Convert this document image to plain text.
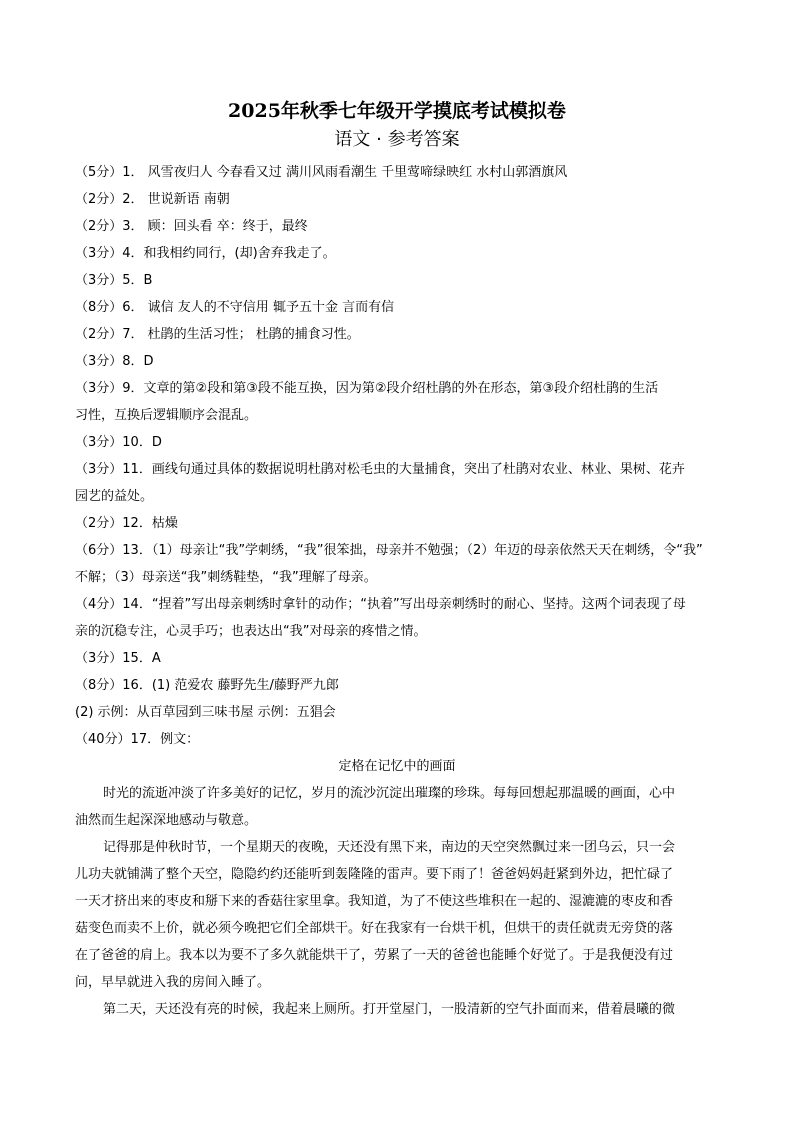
2025年秋季七年级开学摸底考试模拟卷
语文 · 参考答案
（5分）1． 风雪夜归人 今春看又过 满川风雨看潮生 千里莺啼绿映红 水村山郭酒旗风
（2分）2． 世说新语 南朝
（2分）3． 顾：回头看 卒：终于，最终
（3分）4．和我相约同行，(却)舍弃我走了。
（3分）5．B
（8分）6． 诚信 友人的不守信用 辄予五十金 言而有信
（2分）7． 杜鹃的生活习性； 杜鹃的捕食习性。
（3分）8．D
（3分）9．文章的第②段和第③段不能互换，因为第②段介绍杜鹃的外在形态，第③段介绍杜鹃的生活
习性，互换后逻辑顺序会混乱。
（3分）10．D
（3分）11．画线句通过具体的数据说明杜鹃对松毛虫的大量捕食，突出了杜鹃对农业、林业、果树、花卉
园艺的益处。
（2分）12．枯燥
（6分）13．（1）母亲让“我”学刺绣，“我”很笨拙，母亲并不勉强；（2）年迈的母亲依然天天在刺绣，令“我”
不解；（3）母亲送“我”刺绣鞋垫，“我”理解了母亲。
（4分）14．“捏着”写出母亲刺绣时拿针的动作；“执着”写出母亲刺绣时的耐心、坚持。这两个词表现了母
亲的沉稳专注，心灵手巧；也表达出“我”对母亲的疼惜之情。
（3分）15．A
（8分）16．(1) 范爱农 藤野先生/藤野严九郎
(2) 示例：从百草园到三味书屋 示例：五猖会
（40分）17．例文：
定格在记忆中的画面
时光的流逝冲淡了许多美好的记忆，岁月的流沙沉淀出璀璨的珍珠。每每回想起那温暖的画面，心中
油然而生起深深地感动与敬意。
记得那是仲秋时节，一个星期天的夜晚，天还没有黑下来，南边的天空突然飘过来一团乌云，只一会
儿功夫就铺满了整个天空，隐隐约约还能听到轰隆隆的雷声。要下雨了！爸爸妈妈赶紧到外边，把忙碌了
一天才挤出来的枣皮和掰下来的香菇往家里拿。我知道，为了不使这些堆积在一起的、湿漉漉的枣皮和香
菇变色而卖不上价，就必须今晚把它们全部烘干。好在我家有一台烘干机，但烘干的责任就责无旁贷的落
在了爸爸的肩上。我本以为要不了多久就能烘干了，劳累了一天的爸爸也能睡个好觉了。于是我便没有过
问，早早就进入我的房间入睡了。
第二天，天还没有亮的时候，我起来上厕所。打开堂屋门，一股清新的空气扑面而来，借着晨曦的微
